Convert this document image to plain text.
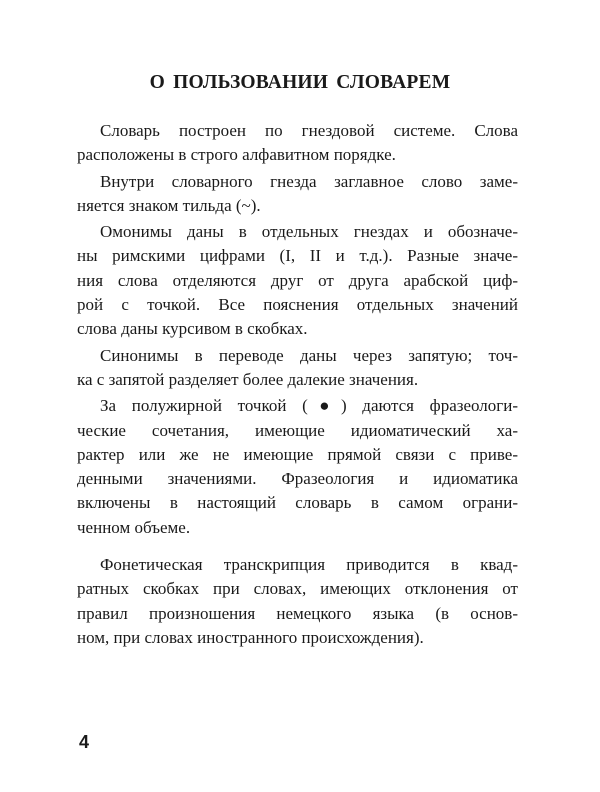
О ПОЛЬЗОВАНИИ СЛОВАРЕМ
Словарь построен по гнездовой системе. Слова
расположены в строго алфавитном порядке.
Внутри словарного гнезда заглавное слово заме-
няется знаком тильда (~).
Омонимы даны в отдельных гнездах и обозначе-
ны римскими цифрами (I, II и т.д.). Разные значе-
ния слова отделяются друг от друга арабской циф-
рой с точкой. Все пояснения отдельных значений
слова даны курсивом в скобках.
Синонимы в переводе даны через запятую; точ-
ка с запятой разделяет более далекие значения.
За полужирной точкой (●) даются фразеологи-
ческие сочетания, имеющие идиоматический ха-
рактер или же не имеющие прямой связи с приве-
денными значениями. Фразеология и идиоматика
включены в настоящий словарь в самом ограни-
ченном объеме.
Фонетическая транскрипция приводится в квад-
ратных скобках при словах, имеющих отклонения от
правил произношения немецкого языка (в основ-
ном, при словах иностранного происхождения).
4
